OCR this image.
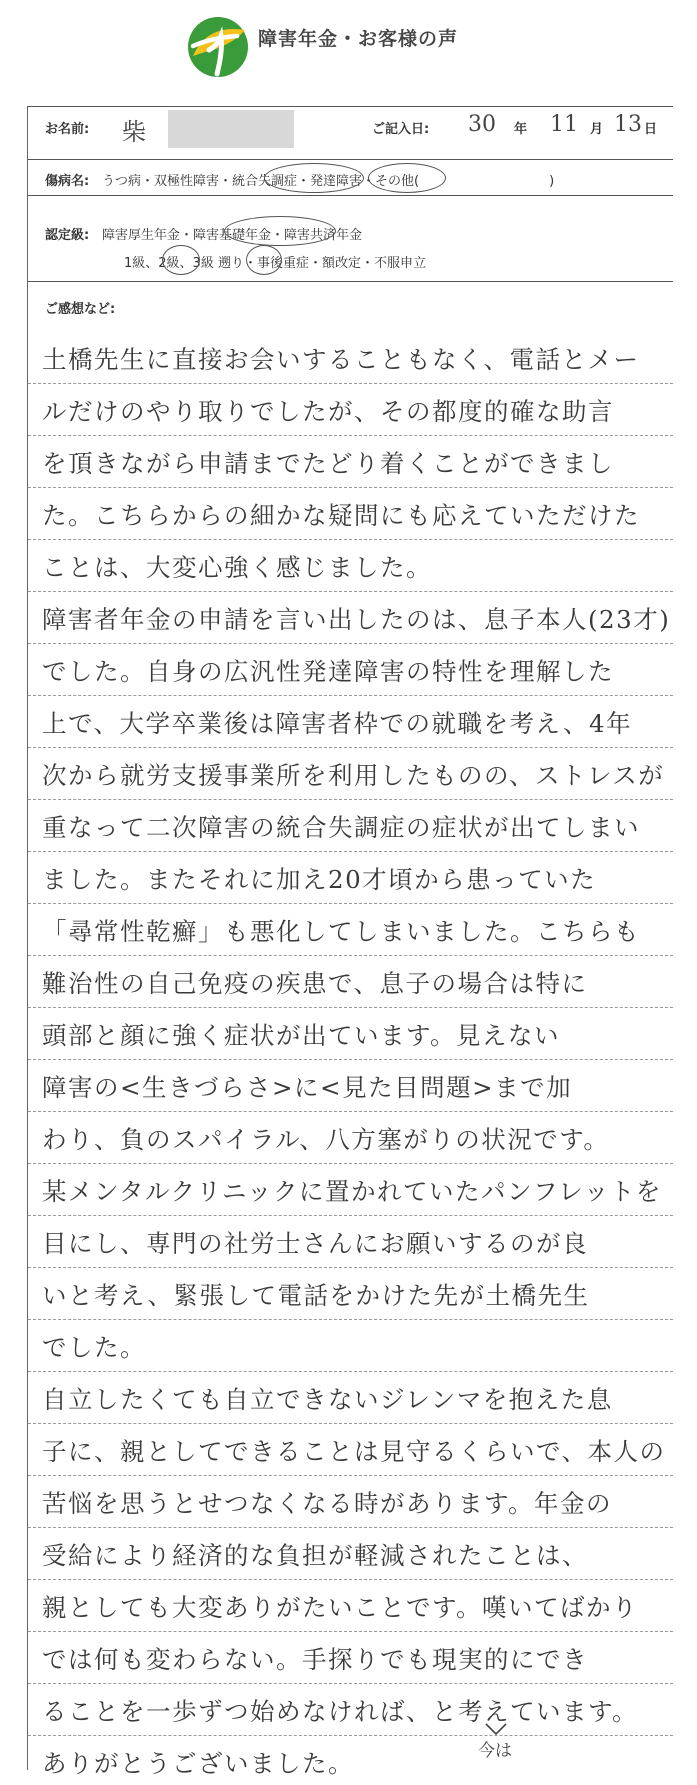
障害年金・お客様の声
お名前: 柴	ご記入日: 30 年 11 月 13 日
傷病名: うつ病・双極性障害・統合失調症・発達障害・その他(　　　　　　　　　　)
認定級: 障害厚生年金・障害基礎年金・障害共済年金
1級、2級、3級 遡り・事後重症・額改定・不服申立
ご感想など:
土橋先生に直接お会いすることもなく、電話とメー
ルだけのやり取りでしたが、その都度的確な助言
を頂きながら申請までたどり着くことができまし
た。こちらからの細かな疑問にも応えていただけた
ことは、大変心強く感じました。
障害者年金の申請を言い出したのは、息子本人(23才)
でした。自身の広汎性発達障害の特性を理解した
上で、大学卒業後は障害者枠での就職を考え、4年
次から就労支援事業所を利用したものの、ストレスが
重なって二次障害の統合失調症の症状が出てしまい
ました。またそれに加え20才頃から患っていた
「尋常性乾癬」も悪化してしまいました。こちらも
難治性の自己免疫の疾患で、息子の場合は特に
頭部と顔に強く症状が出ています。見えない
障害の<生きづらさ>に<見た目問題>まで加
わり、負のスパイラル、八方塞がりの状況です。
某メンタルクリニックに置かれていたパンフレットを
目にし、専門の社労士さんにお願いするのが良
いと考え、緊張して電話をかけた先が土橋先生
でした。
自立したくても自立できないジレンマを抱えた息
子に、親としてできることは見守るくらいで、本人の
苦悩を思うとせつなくなる時があります。年金の
受給により経済的な負担が軽減されたことは、
親としても大変ありがたいことです。嘆いてばかり
では何も変わらない。手探りでも現実的にでき
ることを一歩ずつ始めなければ、と考えています。
ありがとうございました。	今は
